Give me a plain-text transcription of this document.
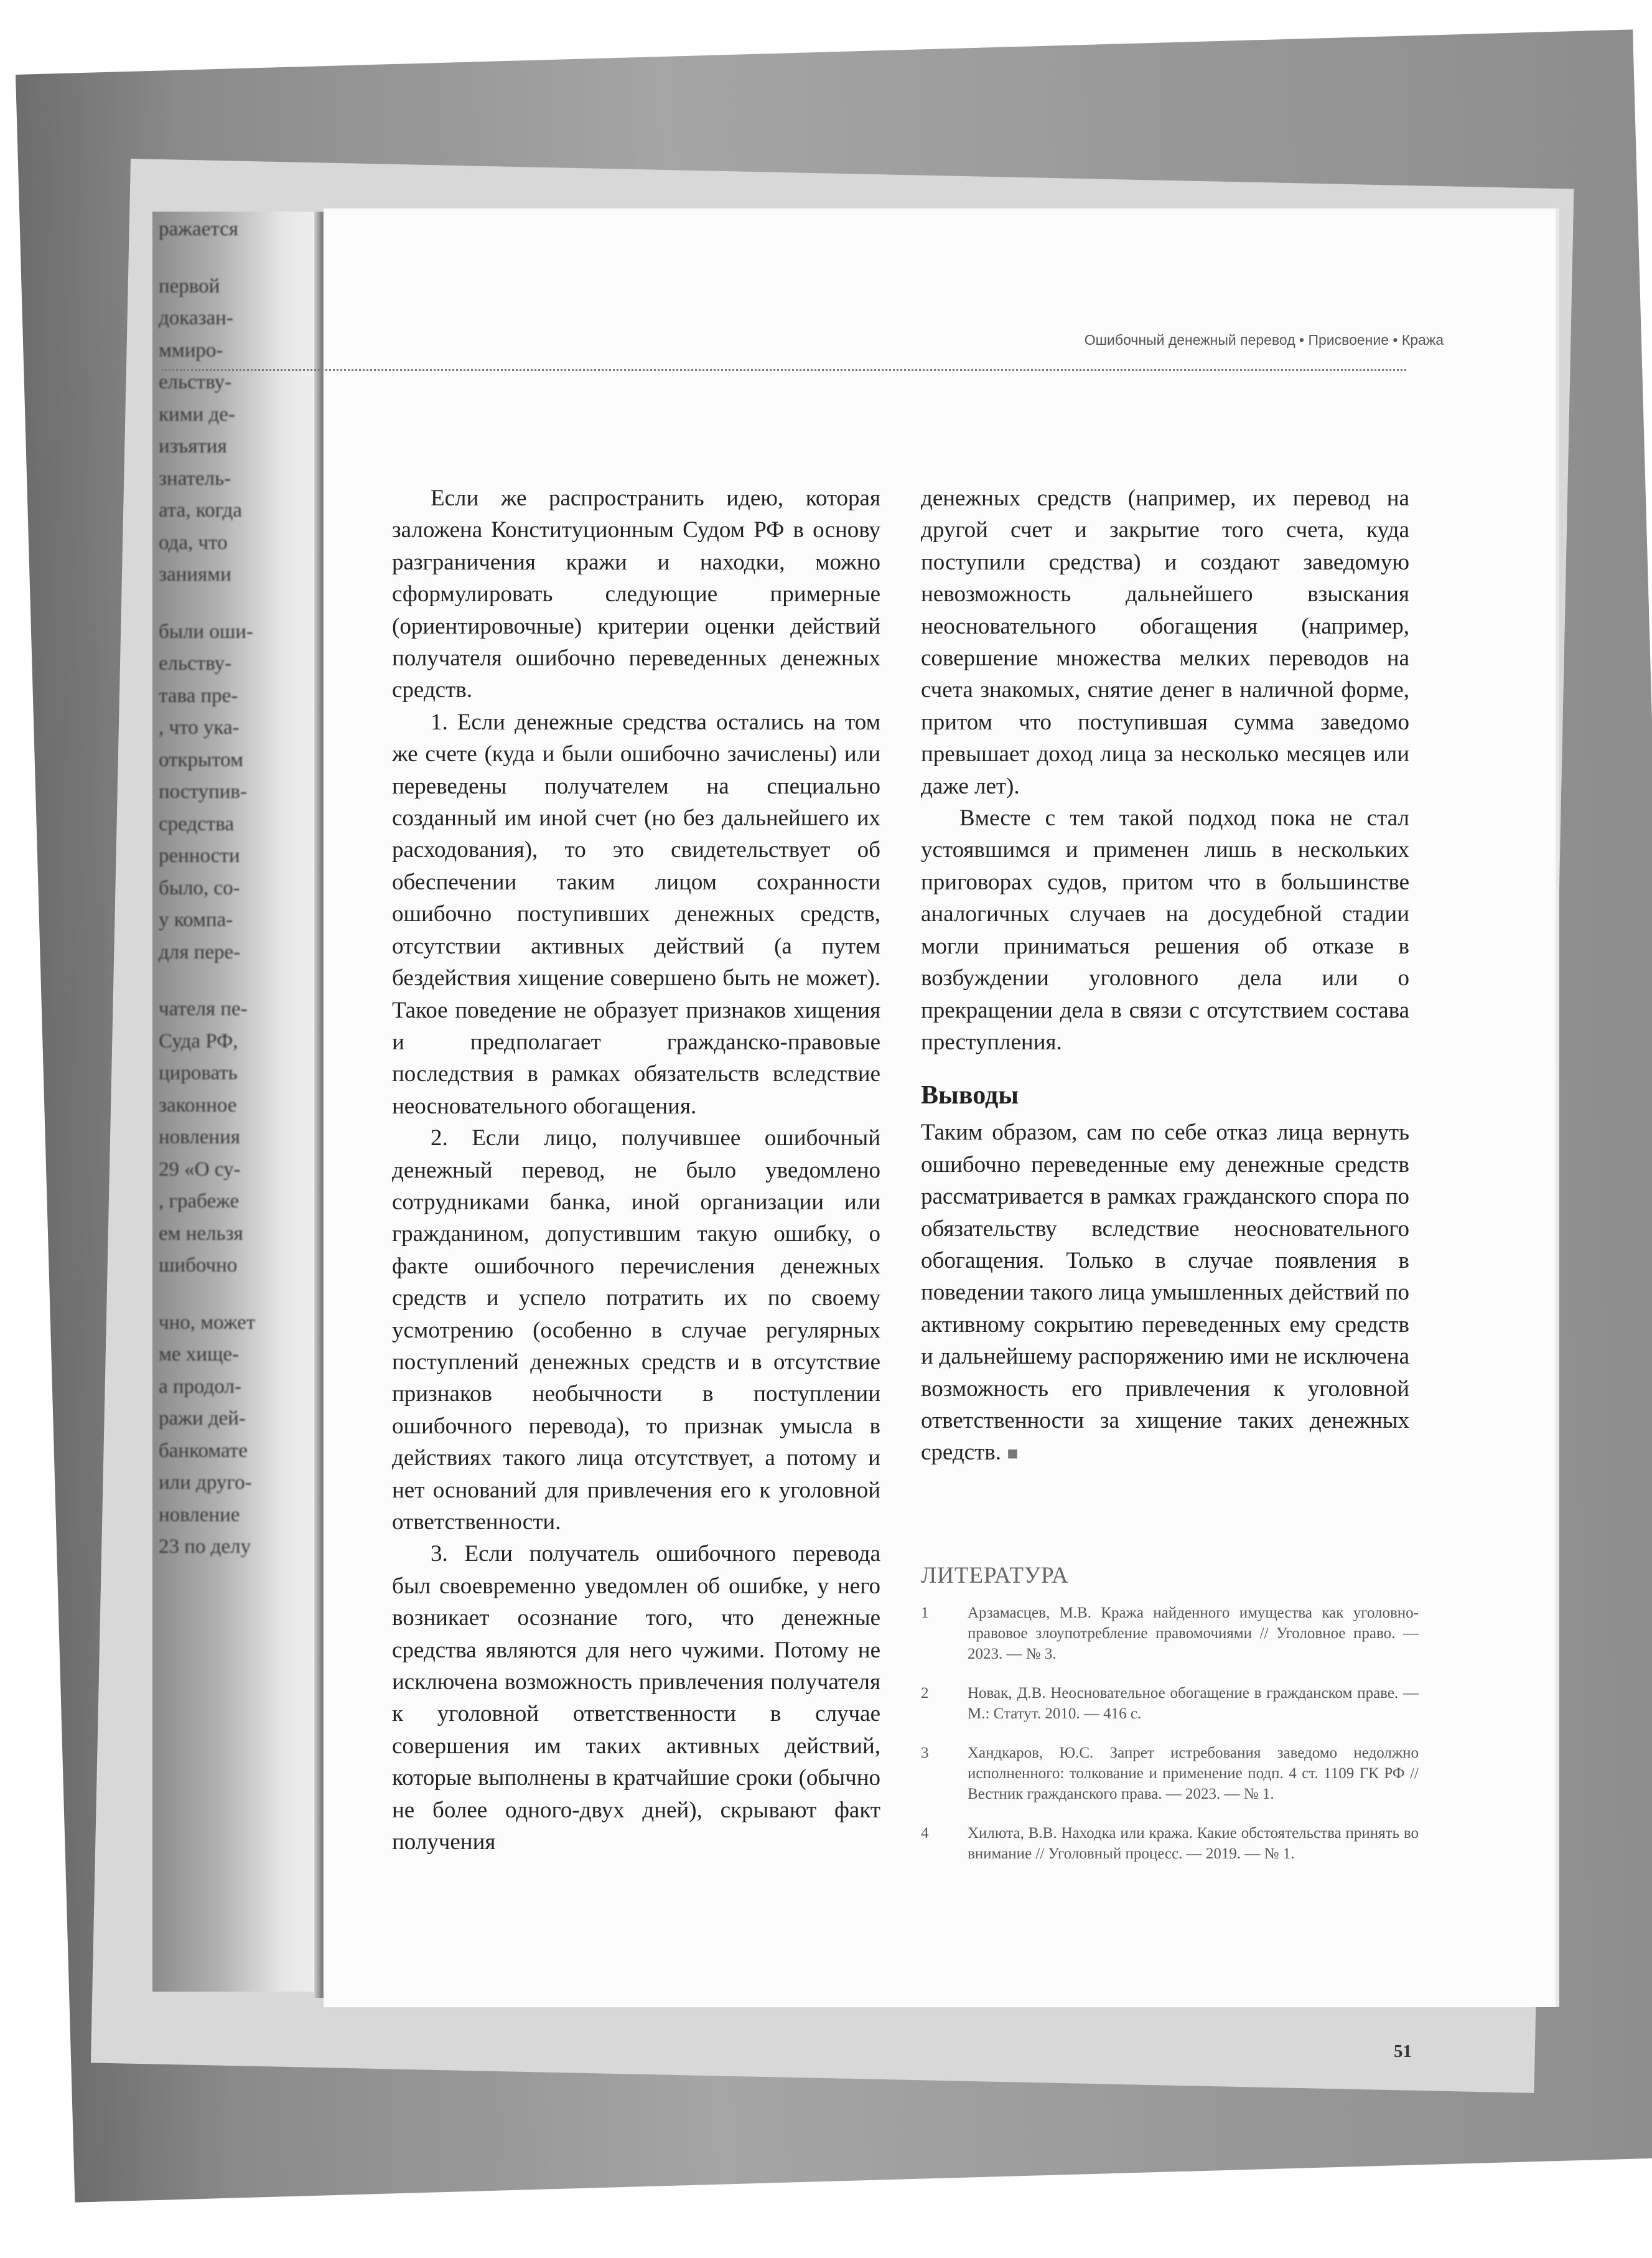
ражается
первой
доказан-
ммиро-
ельству-
кими де-
изъятия
знатель-
ата, когда
ода, что
заниями
были оши-
ельству-
тава пре-
, что ука-
открытом
поступив-
средства
ренности
было, со-
у компа-
для пере-
чателя пе-
Суда РФ,
цировать
законное
новления
29 «О су-
, грабеже
ем нельзя
шибочно
чно, может
ме хище-
а продол-
ражи дей-
банкомате
или друго-
новление
23 по делу
Ошибочный денежный перевод • Присвоение • Кража

Если же распространить идею, которая заложена Конституционным Судом РФ в основу разграничения кражи и находки, можно сформулировать следующие примерные (ориентировочные) критерии оценки действий получателя ошибочно переведенных денежных средств.

1. Если денежные средства остались на том же счете (куда и были ошибочно зачислены) или переведены получателем на специально созданный им иной счет (но без дальнейшего их расходования), то это свидетельствует об обеспечении таким лицом сохранности ошибочно поступивших денежных средств, отсутствии активных действий (а путем бездействия хищение совершено быть не может). Такое поведение не образует признаков хищения и предполагает гражданско-правовые последствия в рамках обязательств вследствие неосновательного обогащения.

2. Если лицо, получившее ошибочный денежный перевод, не было уведомлено сотрудниками банка, иной организации или гражданином, допустившим такую ошибку, о факте ошибочного перечисления денежных средств и успело потратить их по своему усмотрению (особенно в случае регулярных поступлений денежных средств и в отсутствие признаков необычности в поступлении ошибочного перевода), то признак умысла в действиях такого лица отсутствует, а потому и нет оснований для привлечения его к уголовной ответственности.

3. Если получатель ошибочного перевода был своевременно уведомлен об ошибке, у него возникает осознание того, что денежные средства являются для него чужими. Потому не исключена возможность привлечения получателя к уголовной ответственности в случае совершения им таких активных действий, которые выполнены в кратчайшие сроки (обычно не более одного-двух дней), скрывают факт получения

денежных средств (например, их перевод на другой счет и закрытие того счета, куда поступили средства) и создают заведомую невозможность дальнейшего взыскания неосновательного обогащения (например, совершение множества мелких переводов на счета знакомых, снятие денег в наличной форме, притом что поступившая сумма заведомо превышает доход лица за несколько месяцев или даже лет).

Вместе с тем такой подход пока не стал устоявшимся и применен лишь в нескольких приговорах судов, притом что в большинстве аналогичных случаев на досудебной стадии могли приниматься решения об отказе в возбуждении уголовного дела или о прекращении дела в связи с отсутствием состава преступления.

Выводы

Таким образом, сам по себе отказ лица вернуть ошибочно переведенные ему денежные средств рассматривается в рамках гражданского спора по обязательству вследствие неосновательного обогащения. Только в случае появления в поведении такого лица умышленных действий по активному сокрытию переведенных ему средств и дальнейшему распоряжению ими не исключена возможность его привлечения к уголовной ответственности за хищение таких денежных средств. ■

ЛИТЕРАТУРА
1	Арзамасцев, М.В. Кража найденного имущества как уголовно-правовое злоупотребление правомочиями // Уголовное право. — 2023. — № 3.
2	Новак, Д.В. Неосновательное обогащение в гражданском праве. — М.: Статут. 2010. — 416 с.
3	Хандкаров, Ю.С. Запрет истребования заведомо недолжно исполненного: толкование и применение подп. 4 ст. 1109 ГК РФ // Вестник гражданского права. — 2023. — № 1.
4	Хилюта, В.В. Находка или кража. Какие обстоятельства принять во внимание // Уголовный процесс. — 2019. — № 1.
51
